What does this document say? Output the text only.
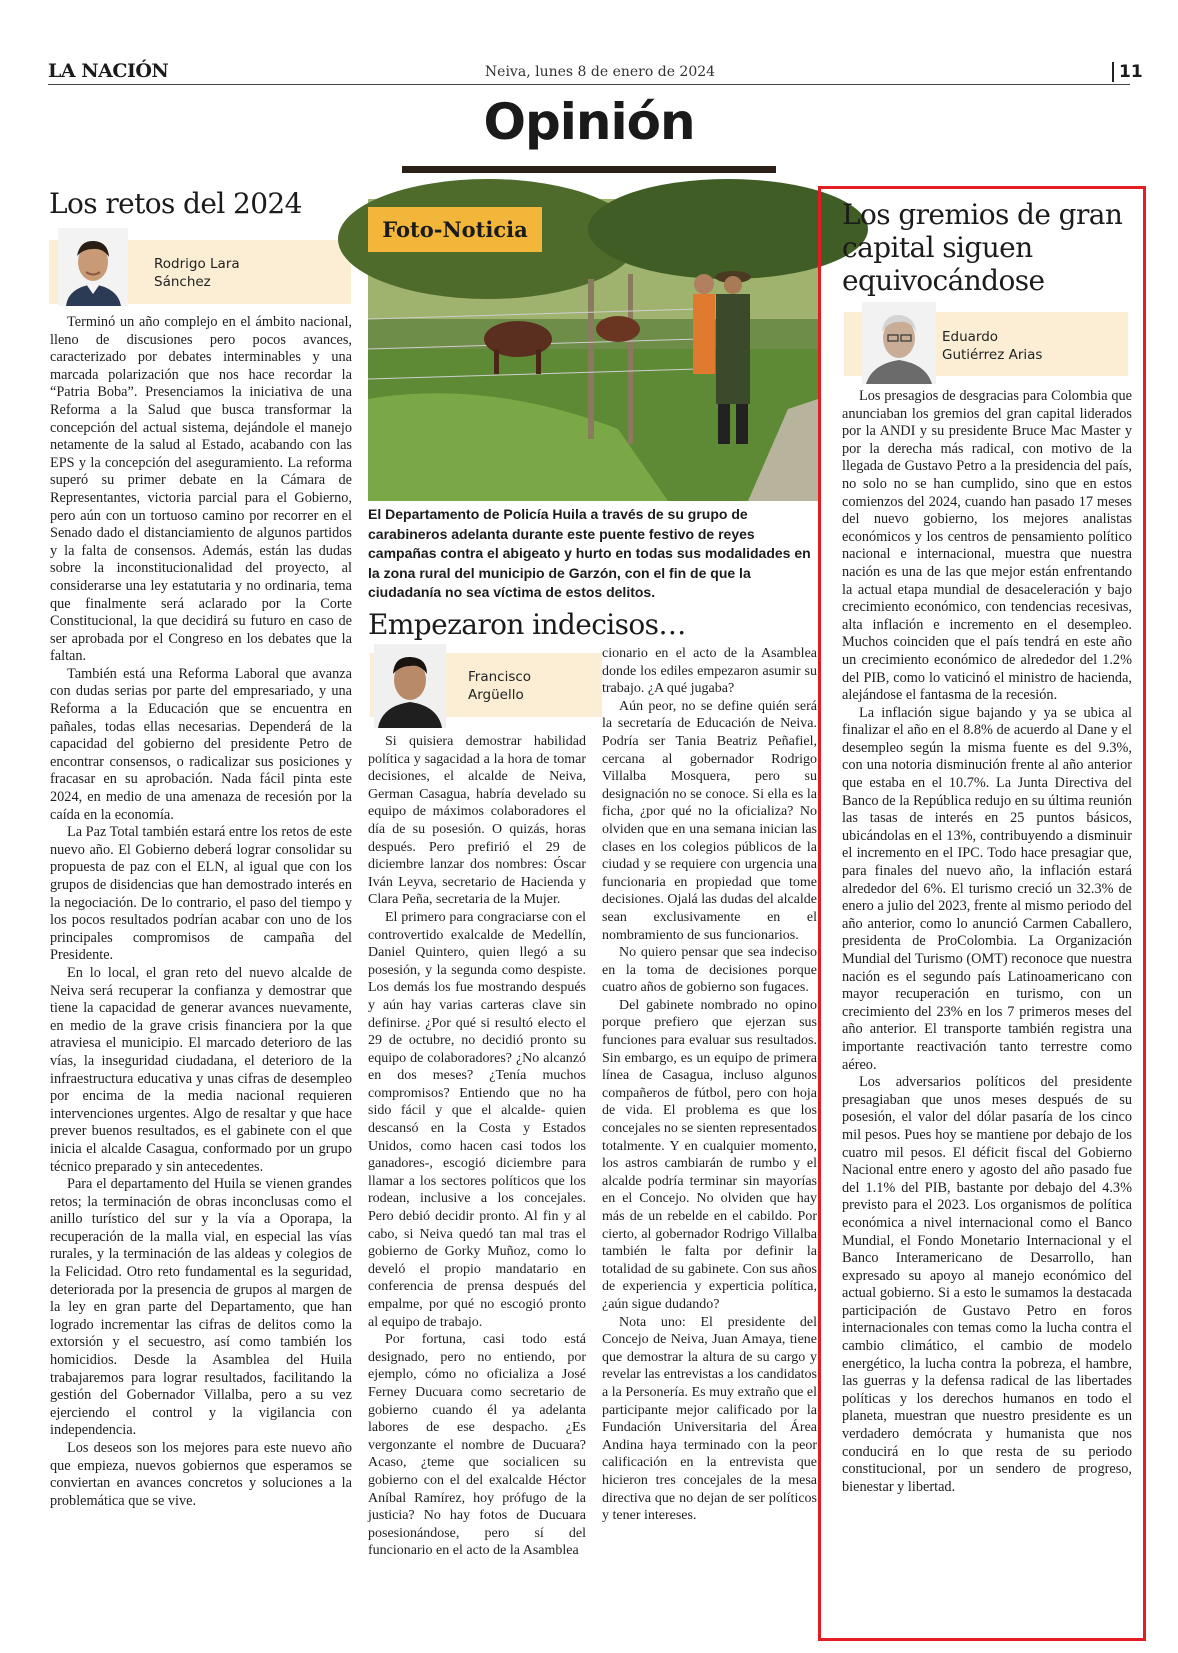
LA NACIÓN	Neiva, lunes 8 de enero de 2024	11
Opinión
Los retos del 2024
Rodrigo Lara
Sánchez

Terminó un año complejo en el ámbito nacional, lleno de discusiones pero pocos avances, caracterizado por debates interminables y una marcada polarización que nos hace recordar la “Patria Boba”. Presenciamos la iniciativa de una Reforma a la Salud que busca transformar la concepción del actual sistema, dejándole el manejo netamente de la salud al Estado, acabando con las EPS y la concepción del aseguramiento. La reforma superó su primer debate en la Cámara de Representantes, victoria parcial para el Gobierno, pero aún con un tortuoso camino por recorrer en el Senado dado el distanciamiento de algunos partidos y la falta de consensos. Además, están las dudas sobre la inconstitucionalidad del proyecto, al considerarse una ley estatutaria y no ordinaria, tema que finalmente será aclarado por la Corte Constitucional, la que decidirá su futuro en caso de ser aprobada por el Congreso en los debates que la faltan.

También está una Reforma Laboral que avanza con dudas serias por parte del empresariado, y una Reforma a la Educación que se encuentra en pañales, todas ellas necesarias. Dependerá de la capacidad del gobierno del presidente Petro de encontrar consensos, o radicalizar sus posiciones y fracasar en su aprobación. Nada fácil pinta este 2024, en medio de una amenaza de recesión por la caída en la economía.

La Paz Total también estará entre los retos de este nuevo año. El Gobierno deberá lograr consolidar su propuesta de paz con el ELN, al igual que con los grupos de disidencias que han demostrado interés en la negociación. De lo contrario, el paso del tiempo y los pocos resultados podrían acabar con uno de los principales compromisos de campaña del Presidente.

En lo local, el gran reto del nuevo alcalde de Neiva será recuperar la confianza y demostrar que tiene la capacidad de generar avances nuevamente, en medio de la grave crisis financiera por la que atraviesa el municipio. El marcado deterioro de las vías, la inseguridad ciudadana, el deterioro de la infraestructura educativa y unas cifras de desempleo por encima de la media nacional requieren intervenciones urgentes. Algo de resaltar y que hace prever buenos resultados, es el gabinete con el que inicia el alcalde Casagua, conformado por un grupo técnico preparado y sin antecedentes.

Para el departamento del Huila se vienen grandes retos; la terminación de obras inconclusas como el anillo turístico del sur y la vía a Oporapa, la recuperación de la malla vial, en especial las vías rurales, y la terminación de las aldeas y colegios de la Felicidad. Otro reto fundamental es la seguridad, deteriorada por la presencia de grupos al margen de la ley en gran parte del Departamento, que han logrado incrementar las cifras de delitos como la extorsión y el secuestro, así como también los homicidios. Desde la Asamblea del Huila trabajaremos para lograr resultados, facilitando la gestión del Gobernador Villalba, pero a su vez ejerciendo el control y la vigilancia con independencia.

Los deseos son los mejores para este nuevo año que empieza, nuevos gobiernos que esperamos se conviertan en avances concretos y soluciones a la problemática que se vive.

Foto-Noticia
El Departamento de Policía Huila a través de su grupo de carabineros adelanta durante este puente festivo de reyes campañas contra el abigeato y hurto en todas sus modalidades en la zona rural del municipio de Garzón, con el fin de que la ciudadanía no sea víctima de estos delitos.
Empezaron indecisos…
Francisco
Argüello

Si quisiera demostrar habilidad política y sagacidad a la hora de tomar decisiones, el alcalde de Neiva, German Casagua, habría develado su equipo de máximos colaboradores el día de su posesión. O quizás, horas después. Pero prefirió el 29 de diciembre lanzar dos nombres: Óscar Iván Leyva, secretario de Hacienda y Clara Peña, secretaria de la Mujer.

El primero para congraciarse con el controvertido exalcalde de Medellín, Daniel Quintero, quien llegó a su posesión, y la segunda como despiste. Los demás los fue mostrando después y aún hay varias carteras clave sin definirse. ¿Por qué si resultó electo el 29 de octubre, no decidió pronto su equipo de colaboradores? ¿No alcanzó en dos meses? ¿Tenía muchos compromisos? Entiendo que no ha sido fácil y que el alcalde- quien descansó en la Costa y Estados Unidos, como hacen casi todos los ganadores-, escogió diciembre para llamar a los sectores políticos que los rodean, inclusive a los concejales. Pero debió decidir pronto. Al fin y al cabo, si Neiva quedó tan mal tras el gobierno de Gorky Muñoz, como lo develó el propio mandatario en conferencia de prensa después del empalme, por qué no escogió pronto al equipo de trabajo.

Por fortuna, casi todo está designado, pero no entiendo, por ejemplo, cómo no oficializa a José Ferney Ducuara como secretario de gobierno cuando él ya adelanta labores de ese despacho. ¿Es vergonzante el nombre de Ducuara? Acaso, ¿teme que socialicen su gobierno con el del exalcalde Héctor Aníbal Ramírez, hoy prófugo de la justicia? No hay fotos de Ducuara posesionándose, pero sí del funcionario en el acto de la Asamblea

cionario en el acto de la Asamblea donde los ediles empezaron asumir su trabajo. ¿A qué jugaba?

Aún peor, no se define quién será la secretaría de Educación de Neiva. Podría ser Tania Beatriz Peñafiel, cercana al gobernador Rodrigo Villalba Mosquera, pero su designación no se conoce. Si ella es la ficha, ¿por qué no la oficializa? No olviden que en una semana inician las clases en los colegios públicos de la ciudad y se requiere con urgencia una funcionaria en propiedad que tome decisiones. Ojalá las dudas del alcalde sean exclusivamente en el nombramiento de sus funcionarios.

No quiero pensar que sea indeciso en la toma de decisiones porque cuatro años de gobierno son fugaces.

Del gabinete nombrado no opino porque prefiero que ejerzan sus funciones para evaluar sus resultados. Sin embargo, es un equipo de primera línea de Casagua, incluso algunos compañeros de fútbol, pero con hoja de vida. El problema es que los concejales no se sienten representados totalmente. Y en cualquier momento, los astros cambiarán de rumbo y el alcalde podría terminar sin mayorías en el Concejo. No olviden que hay más de un rebelde en el cabildo. Por cierto, al gobernador Rodrigo Villalba también le falta por definir la totalidad de su gabinete. Con sus años de experiencia y experticia política, ¿aún sigue dudando?

Nota uno: El presidente del Concejo de Neiva, Juan Amaya, tiene que demostrar la altura de su cargo y revelar las entrevistas a los candidatos a la Personería. Es muy extraño que el participante mejor calificado por la Fundación Universitaria del Área Andina haya terminado con la peor calificación en la entrevista que hicieron tres concejales de la mesa directiva que no dejan de ser políticos y tener intereses.

Los gremios de gran capital siguen equivocándose
Eduardo
Gutiérrez Arias

Los presagios de desgracias para Colombia que anunciaban los gremios del gran capital liderados por la ANDI y su presidente Bruce Mac Master y por la derecha más radical, con motivo de la llegada de Gustavo Petro a la presidencia del país, no solo no se han cumplido, sino que en estos comienzos del 2024, cuando han pasado 17 meses del nuevo gobierno, los mejores analistas económicos y los centros de pensamiento político nacional e internacional, muestra que nuestra nación es una de las que mejor están enfrentando la actual etapa mundial de desaceleración y bajo crecimiento económico, con tendencias recesivas, alta inflación e incremento en el desempleo. Muchos coinciden que el país tendrá en este año un crecimiento económico de alrededor del 1.2% del PIB, como lo vaticinó el ministro de hacienda, alejándose el fantasma de la recesión.

La inflación sigue bajando y ya se ubica al finalizar el año en el 8.8% de acuerdo al Dane y el desempleo según la misma fuente es del 9.3%, con una notoria disminución frente al año anterior que estaba en el 10.7%. La Junta Directiva del Banco de la República redujo en su última reunión las tasas de interés en 25 puntos básicos, ubicándolas en el 13%, contribuyendo a disminuir el incremento en el IPC. Todo hace presagiar que, para finales del nuevo año, la inflación estará alrededor del 6%. El turismo creció un 32.3% de enero a julio del 2023, frente al mismo periodo del año anterior, como lo anunció Carmen Caballero, presidenta de ProColombia. La Organización Mundial del Turismo (OMT) reconoce que nuestra nación es el segundo país Latinoamericano con mayor recuperación en turismo, con un crecimiento del 23% en los 7 primeros meses del año anterior. El transporte también registra una importante reactivación tanto terrestre como aéreo.

Los adversarios políticos del presidente presagiaban que unos meses después de su posesión, el valor del dólar pasaría de los cinco mil pesos. Pues hoy se mantiene por debajo de los cuatro mil pesos. El déficit fiscal del Gobierno Nacional entre enero y agosto del año pasado fue del 1.1% del PIB, bastante por debajo del 4.3% previsto para el 2023. Los organismos de política económica a nivel internacional como el Banco Mundial, el Fondo Monetario Internacional y el Banco Interamericano de Desarrollo, han expresado su apoyo al manejo económico del actual gobierno. Si a esto le sumamos la destacada participación de Gustavo Petro en foros internacionales con temas como la lucha contra el cambio climático, el cambio de modelo energético, la lucha contra la pobreza, el hambre, las guerras y la defensa radical de las libertades políticas y los derechos humanos en todo el planeta, muestran que nuestro presidente es un verdadero demócrata y humanista que nos conducirá en lo que resta de su periodo constitucional, por un sendero de progreso, bienestar y libertad.
